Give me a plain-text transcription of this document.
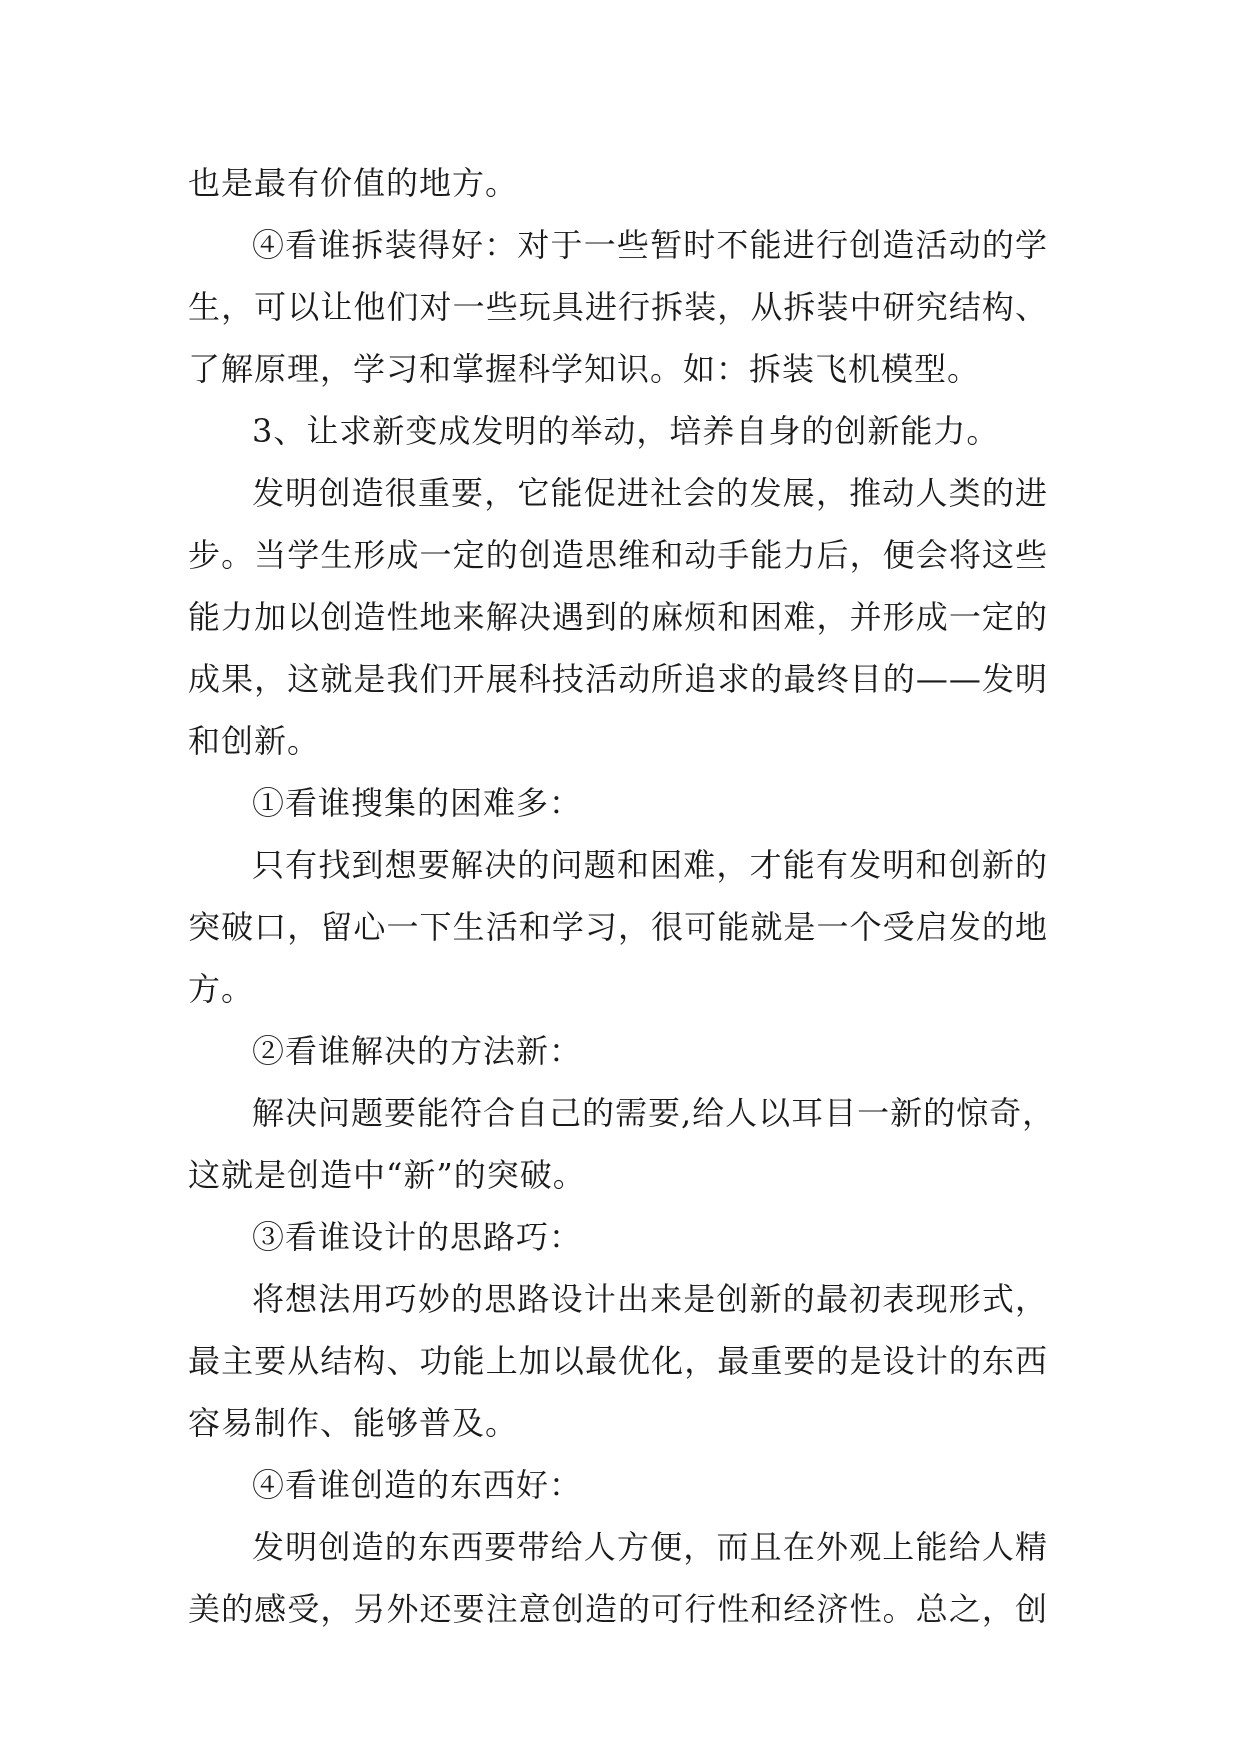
也是最有价值的地方。
④看谁拆装得好：对于一些暂时不能进行创造活动的学
生，可以让他们对一些玩具进行拆装，从拆装中研究结构、
了解原理，学习和掌握科学知识。如：拆装飞机模型。
3、让求新变成发明的举动，培养自身的创新能力。
发明创造很重要，它能促进社会的发展，推动人类的进
步。当学生形成一定的创造思维和动手能力后，便会将这些
能力加以创造性地来解决遇到的麻烦和困难，并形成一定的
成果，这就是我们开展科技活动所追求的最终目的——发明
和创新。
①看谁搜集的困难多：
只有找到想要解决的问题和困难，才能有发明和创新的
突破口，留心一下生活和学习，很可能就是一个受启发的地
方。
②看谁解决的方法新：
解决问题要能符合自己的需要,给人以耳目一新的惊奇，
这就是创造中“新”的突破。
③看谁设计的思路巧：
将想法用巧妙的思路设计出来是创新的最初表现形式，
最主要从结构、功能上加以最优化，最重要的是设计的东西
容易制作、能够普及。
④看谁创造的东西好：
发明创造的东西要带给人方便，而且在外观上能给人精
美的感受，另外还要注意创造的可行性和经济性。总之，创
